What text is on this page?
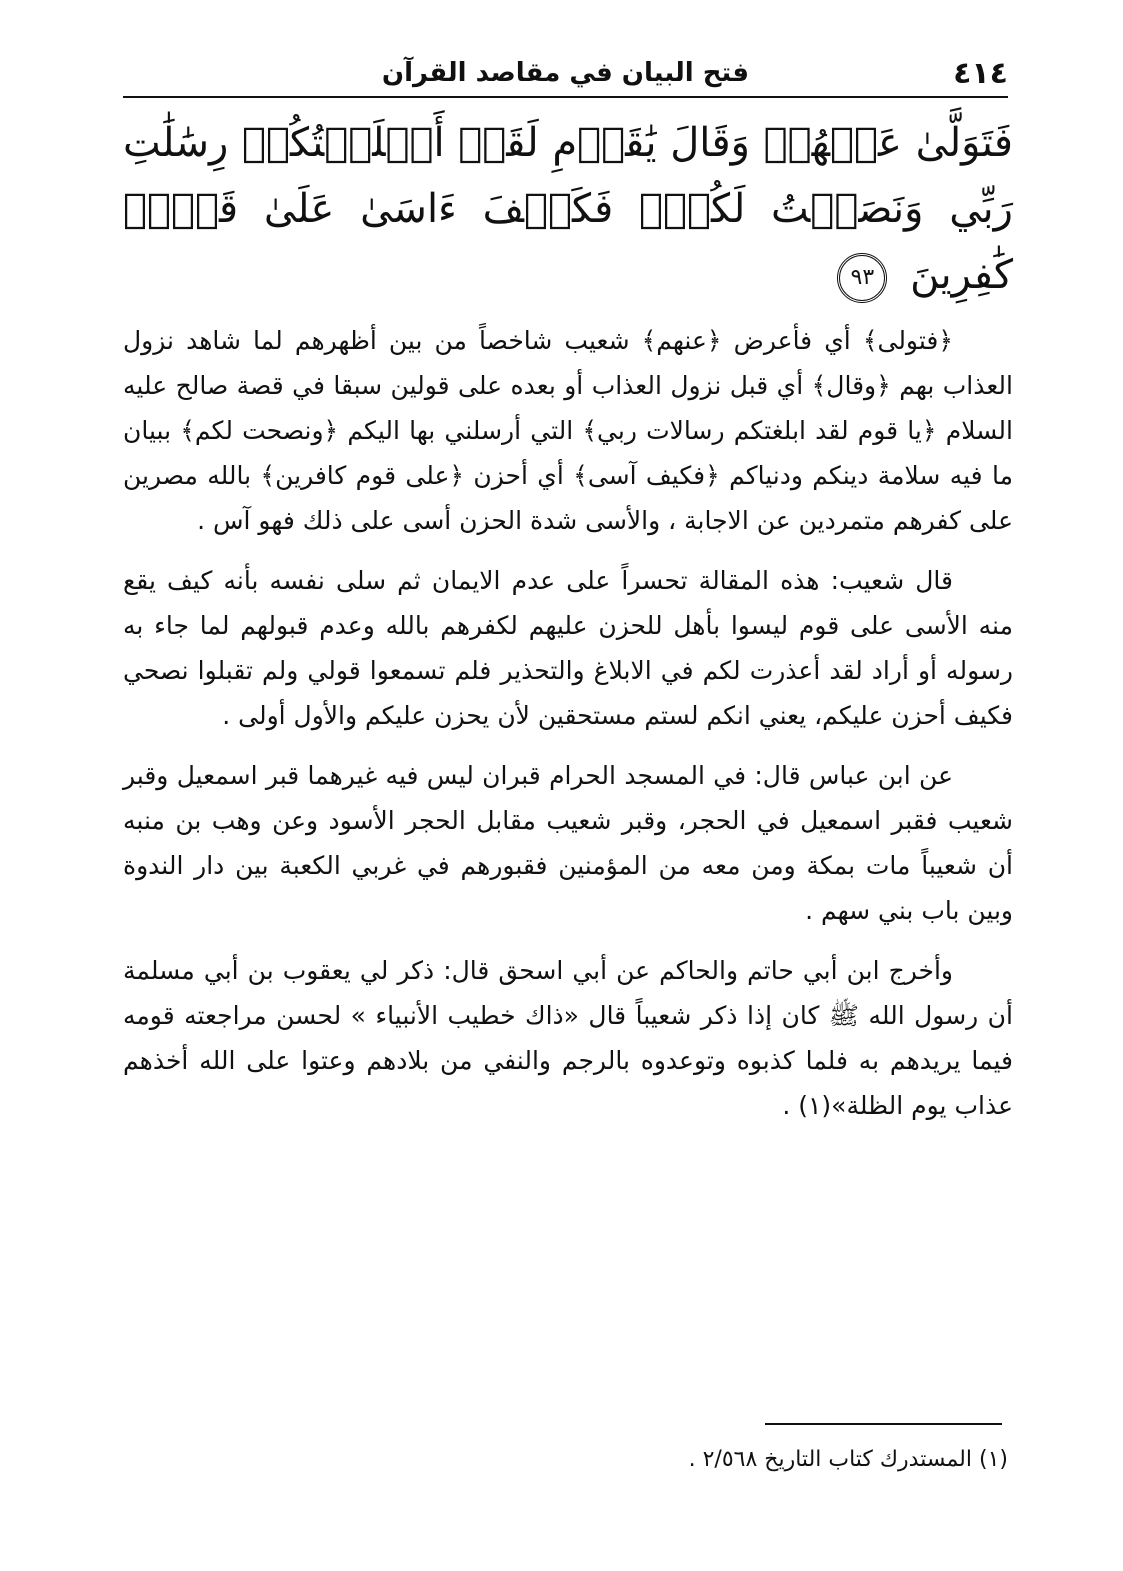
٤١٤
فتح البيان في مقاصد القرآن
فَتَوَلَّىٰ عَنۡهُمۡ وَقَالَ يَٰقَوۡمِ لَقَدۡ أَبۡلَغۡتُكُمۡ رِسَٰلَٰتِ رَبِّي وَنَصَحۡتُ لَكُمۡۖ فَكَيۡفَ ءَاسَىٰ عَلَىٰ قَوۡمٖ كَٰفِرِينَ
٩٣

﴿فتولى﴾ أي فأعرض ﴿عنهم﴾ شعيب شاخصاً من بين أظهرهم لما شاهد نزول العذاب بهم ﴿وقال﴾ أي قبل نزول العذاب أو بعده على قولين سبقا في قصة صالح عليه السلام ﴿يا قوم لقد ابلغتكم رسالات ربي﴾ التي أرسلني بها اليكم ﴿ونصحت لكم﴾ ببيان ما فيه سلامة دينكم ودنياكم ﴿فكيف آسى﴾ أي أحزن ﴿على قوم كافرين﴾ بالله مصرين على كفرهم متمردين عن الاجابة ، والأسى شدة الحزن أسى على ذلك فهو آس .

قال شعيب: هذه المقالة تحسراً على عدم الايمان ثم سلى نفسه بأنه كيف يقع منه الأسى على قوم ليسوا بأهل للحزن عليهم لكفرهم بالله وعدم قبولهم لما جاء به رسوله أو أراد لقد أعذرت لكم في الابلاغ والتحذير فلم تسمعوا قولي ولم تقبلوا نصحي فكيف أحزن عليكم، يعني انكم لستم مستحقين لأن يحزن عليكم والأول أولى .

عن ابن عباس قال: في المسجد الحرام قبران ليس فيه غيرهما قبر اسمعيل وقبر شعيب فقبر اسمعيل في الحجر، وقبر شعيب مقابل الحجر الأسود وعن وهب بن منبه أن شعيباً مات بمكة ومن معه من المؤمنين فقبورهم في غربي الكعبة بين دار الندوة وبين باب بني سهم .

وأخرج ابن أبي حاتم والحاكم عن أبي اسحق قال: ذكر لي يعقوب بن أبي مسلمة أن رسول الله ﷺ كان إذا ذكر شعيباً قال «ذاك خطيب الأنبياء » لحسن مراجعته قومه فيما يريدهم به فلما كذبوه وتوعدوه بالرجم والنفي من بلادهم وعتوا على الله أخذهم عذاب يوم الظلة»(١) .

(١) المستدرك كتاب التاريخ ٢/٥٦٨ .
